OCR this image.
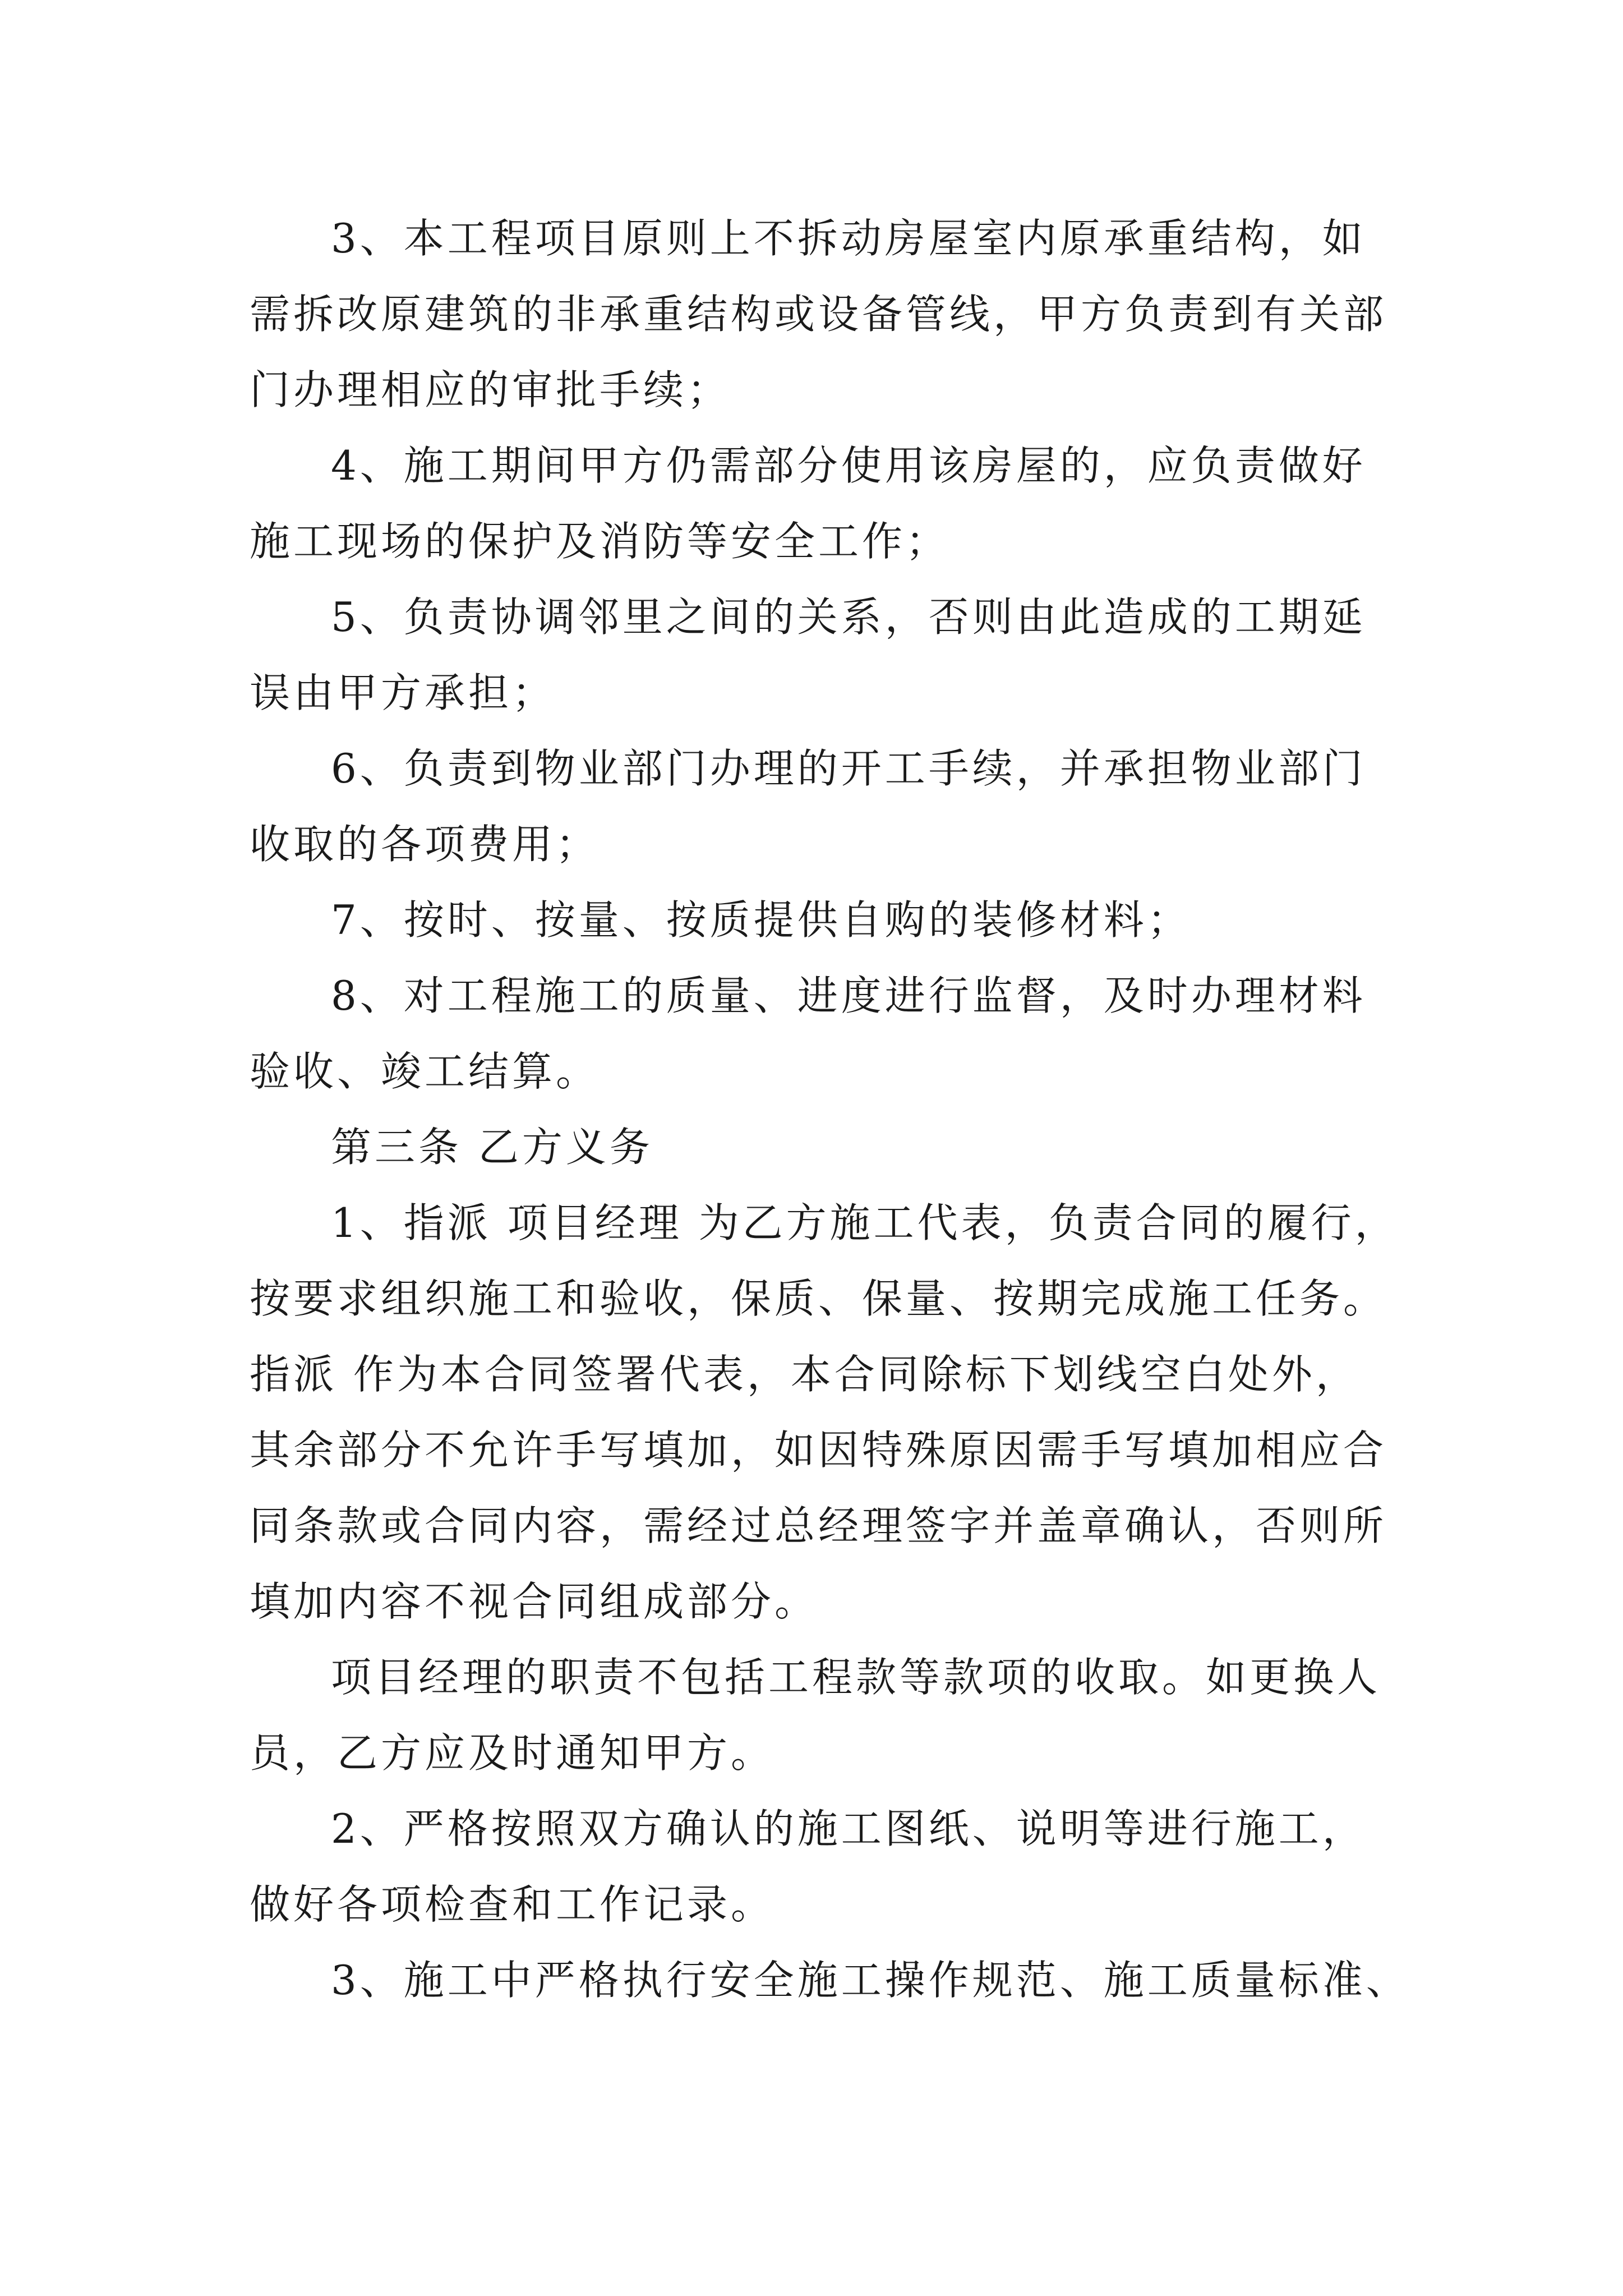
3、本工程项目原则上不拆动房屋室内原承重结构，如
需拆改原建筑的非承重结构或设备管线，甲方负责到有关部
门办理相应的审批手续；
4、施工期间甲方仍需部分使用该房屋的，应负责做好
施工现场的保护及消防等安全工作；
5、负责协调邻里之间的关系，否则由此造成的工期延
误由甲方承担；
6、负责到物业部门办理的开工手续，并承担物业部门
收取的各项费用；
7、按时、按量、按质提供自购的装修材料；
8、对工程施工的质量、进度进行监督，及时办理材料
验收、竣工结算。
第三条 乙方义务
1、指派 项目经理 为乙方施工代表，负责合同的履行，
按要求组织施工和验收，保质、保量、按期完成施工任务。
指派 作为本合同签署代表，本合同除标下划线空白处外，
其余部分不允许手写填加，如因特殊原因需手写填加相应合
同条款或合同内容，需经过总经理签字并盖章确认，否则所
填加内容不视合同组成部分。
项目经理的职责不包括工程款等款项的收取。如更换人
员，乙方应及时通知甲方。
2、严格按照双方确认的施工图纸、说明等进行施工，
做好各项检查和工作记录。
3、施工中严格执行安全施工操作规范、施工质量标准、
